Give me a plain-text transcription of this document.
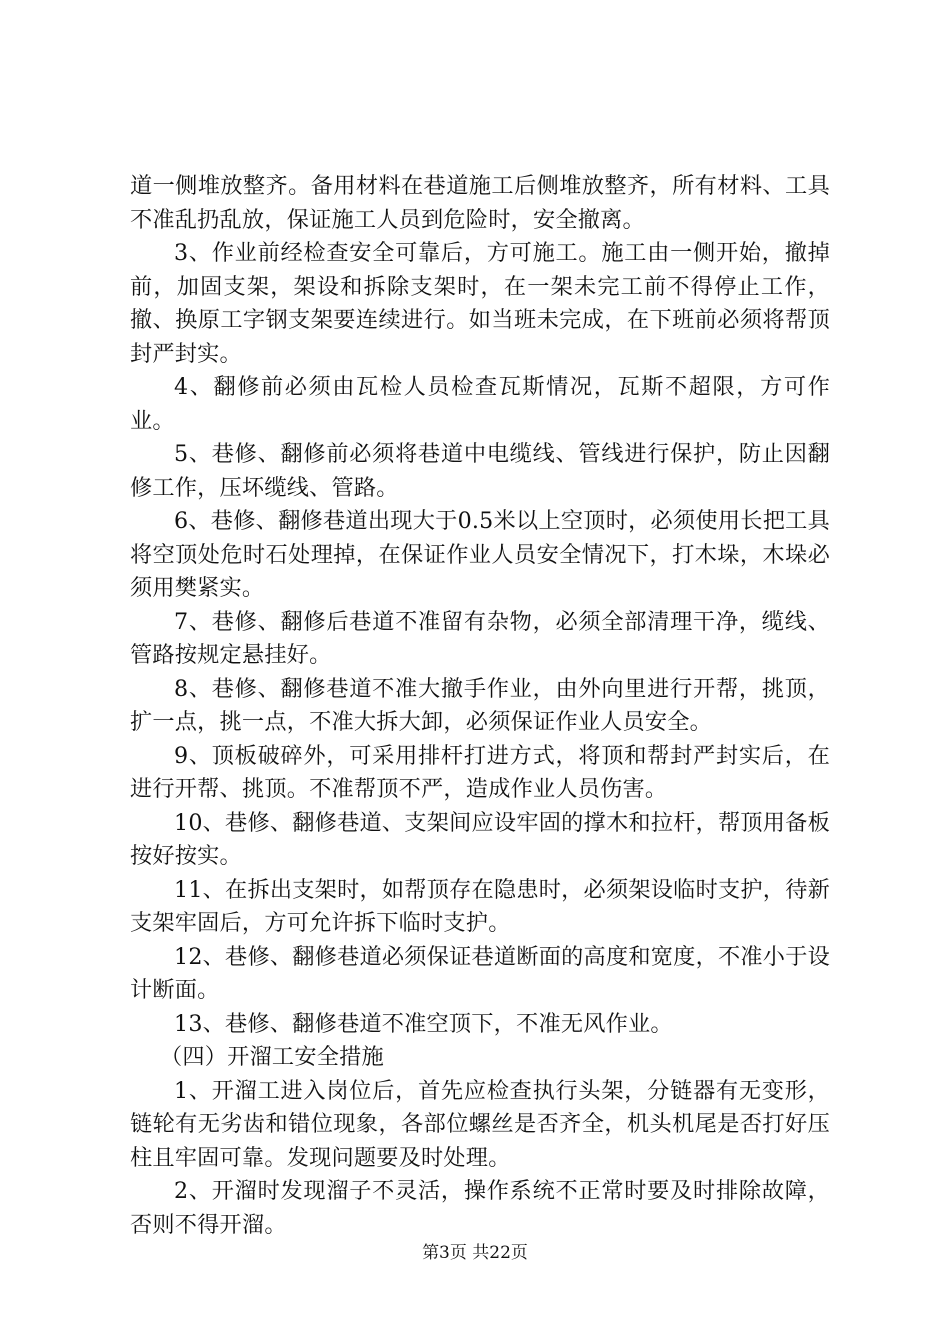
道一侧堆放整齐。备用材料在巷道施工后侧堆放整齐，所有材料、工具不准乱扔乱放，保证施工人员到危险时，安全撤离。

3、作业前经检查安全可靠后，方可施工。施工由一侧开始，撤掉前，加固支架，架设和拆除支架时，在一架未完工前不得停止工作，撤、换原工字钢支架要连续进行。如当班未完成，在下班前必须将帮顶封严封实。

4、翻修前必须由瓦检人员检查瓦斯情况，瓦斯不超限，方可作业。

5、巷修、翻修前必须将巷道中电缆线、管线进行保护，防止因翻修工作，压坏缆线、管路。

6、巷修、翻修巷道出现大于0.5米以上空顶时，必须使用长把工具将空顶处危时石处理掉，在保证作业人员安全情况下，打木垛，木垛必须用樊紧实。

7、巷修、翻修后巷道不准留有杂物，必须全部清理干净，缆线、管路按规定悬挂好。

8、巷修、翻修巷道不准大撤手作业，由外向里进行开帮，挑顶，扩一点，挑一点，不准大拆大卸，必须保证作业人员安全。

9、顶板破碎外，可采用排杆打进方式，将顶和帮封严封实后，在进行开帮、挑顶。不准帮顶不严，造成作业人员伤害。

10、巷修、翻修巷道、支架间应设牢固的撑木和拉杆，帮顶用备板按好按实。

11、在拆出支架时，如帮顶存在隐患时，必须架设临时支护，待新支架牢固后，方可允许拆下临时支护。

12、巷修、翻修巷道必须保证巷道断面的高度和宽度，不准小于设计断面。

13、巷修、翻修巷道不准空顶下，不准无风作业。

（四）开溜工安全措施

1、开溜工进入岗位后，首先应检查执行头架，分链器有无变形，链轮有无劣齿和错位现象，各部位螺丝是否齐全，机头机尾是否打好压柱且牢固可靠。发现问题要及时处理。

2、开溜时发现溜子不灵活，操作系统不正常时要及时排除故障，否则不得开溜。

第3页 共22页
